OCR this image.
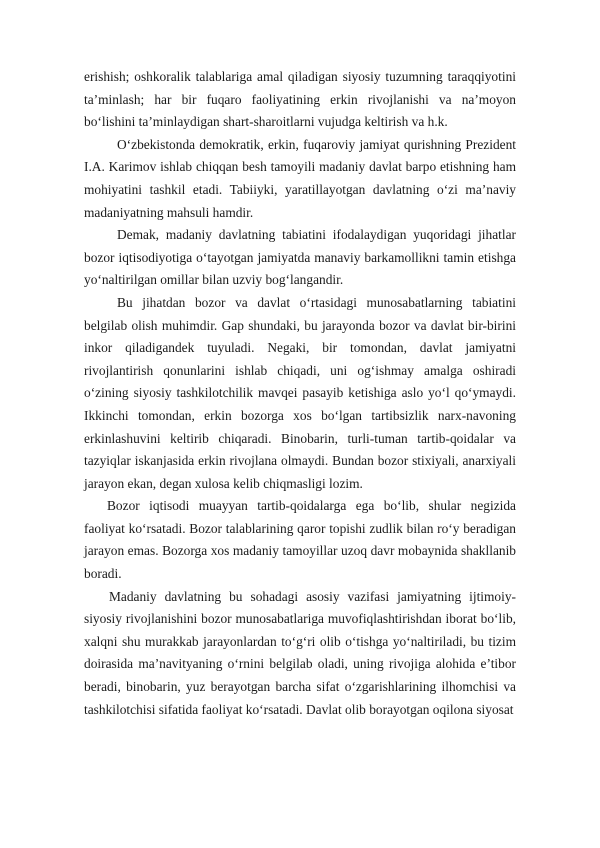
erishish; oshkoralik talablariga amal qiladigan siyosiy tuzumning taraqqiyotini ta’minlash; har bir fuqaro faoliyatining erkin rivojlanishi va na’moyon bo‘lishini ta’minlaydigan shart-sharoitlarni vujudga keltirish va h.k.

O‘zbekistonda demokratik, erkin, fuqaroviy jamiyat qurishning Prezident I.A. Karimov ishlab chiqqan besh tamoyili madaniy davlat barpo etishning ham mohiyatini tashkil etadi. Tabiiyki, yaratillayotgan davlatning o‘zi ma’naviy madaniyatning mahsuli hamdir.

Demak, madaniy davlatning tabiatini ifodalaydigan yuqoridagi jihatlar bozor iqtisodiyotiga o‘tayotgan jamiyatda manaviy barkamollikni tamin etishga yo‘naltirilgan omillar bilan uzviy bog‘langandir.

Bu jihatdan bozor va davlat o‘rtasidagi munosabatlarning tabiatini belgilab olish muhimdir. Gap shundaki, bu jarayonda bozor va davlat bir-birini inkor qiladigandek tuyuladi. Negaki, bir tomondan, davlat jamiyatni rivojlantirish qonunlarini ishlab chiqadi, uni og‘ishmay amalga oshiradi o‘zining siyosiy tashkilotchilik mavqei pasayib ketishiga aslo yo‘l qo‘ymaydi. Ikkinchi tomondan, erkin bozorga xos bo‘lgan tartibsizlik narx-navoning erkinlashuvini keltirib chiqaradi. Binobarin, turli-tuman tartib-qoidalar va tazyiqlar iskanjasida erkin rivojlana olmaydi. Bundan bozor stixiyali, anarxiyali jarayon ekan, degan xulosa kelib chiqmasligi lozim.

Bozor iqtisodi muayyan tartib-qoidalarga ega bo‘lib, shular negizida faoliyat ko‘rsatadi. Bozor talablarining qaror topishi zudlik bilan ro‘y beradigan jarayon emas. Bozorga xos madaniy tamoyillar uzoq davr mobaynida shakllanib boradi.

Madaniy davlatning bu sohadagi asosiy vazifasi jamiyatning ijtimoiy-siyosiy rivojlanishini bozor munosabatlariga muvofiqlashtirishdan iborat bo‘lib, xalqni shu murakkab jarayonlardan to‘g‘ri olib o‘tishga yo‘naltiriladi, bu tizim doirasida ma’navityaning o‘rnini belgilab oladi, uning rivojiga alohida e’tibor beradi, binobarin, yuz berayotgan barcha sifat o‘zgarishlarining ilhomchisi va tashkilotchisi sifatida faoliyat ko‘rsatadi. Davlat olib borayotgan oqilona siyosat
